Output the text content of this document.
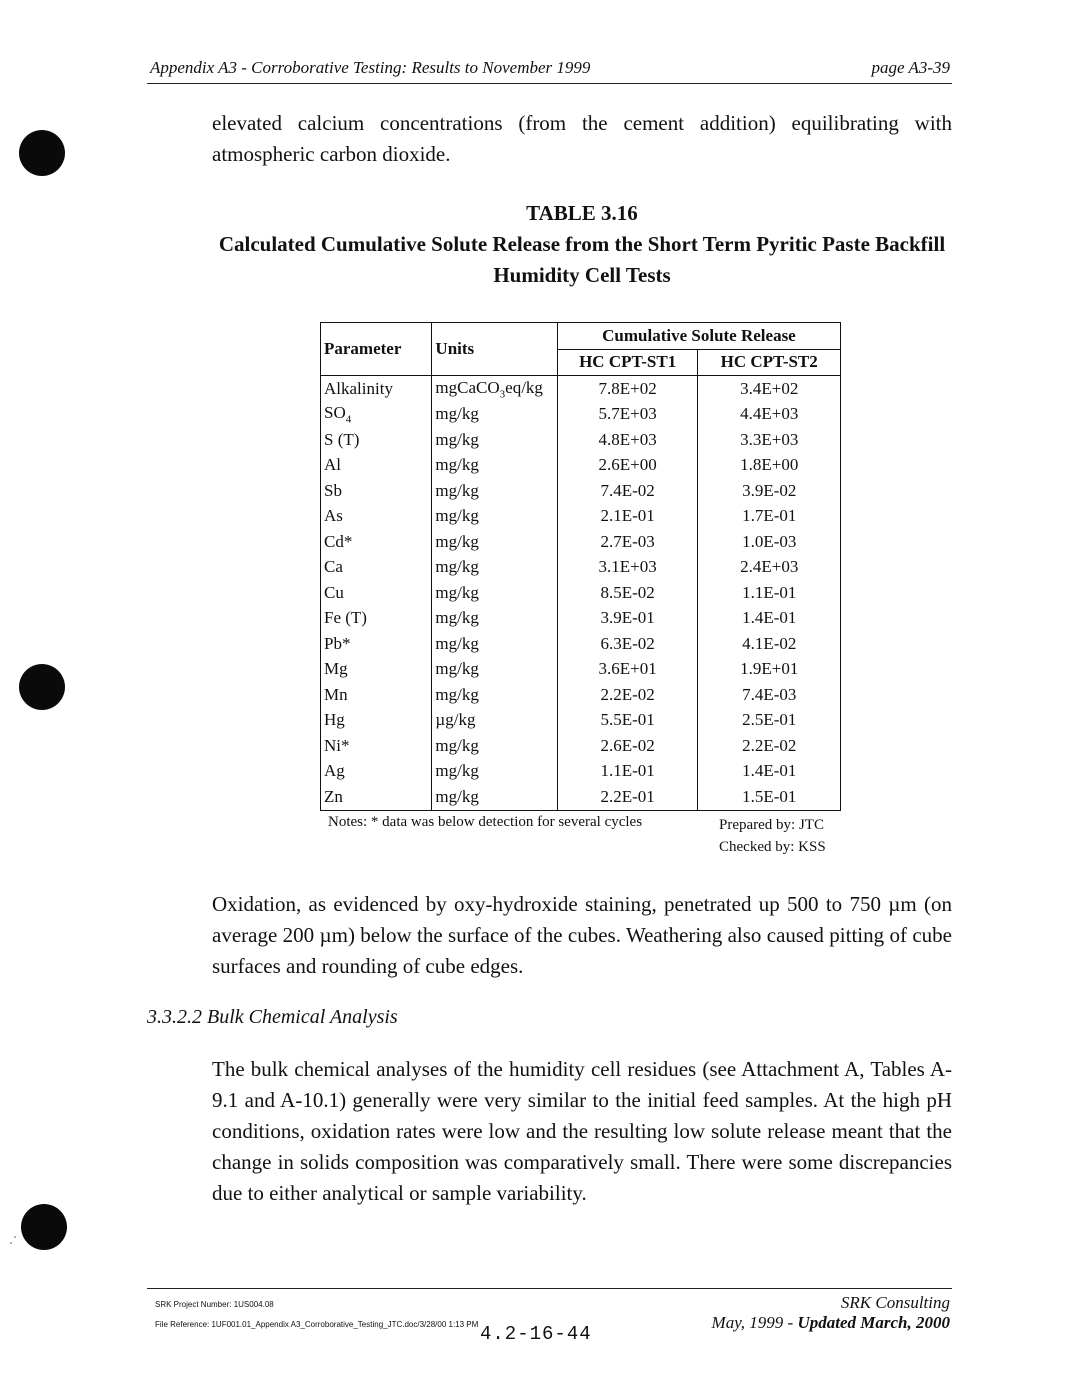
Appendix A3 - Corroborative Testing: Results to November 1999	page A3-39
elevated calcium concentrations (from the cement addition) equilibrating with atmospheric carbon dioxide.
TABLE 3.16
Calculated Cumulative Solute Release from the Short Term Pyritic Paste Backfill
Humidity Cell Tests
Parameter	Units	Cumulative Solute Release	
		HC CPT-ST1	HC CPT-ST2
Alkalinity	mgCaCO$_3$eq/kg	7.8E+02	3.4E+02
$SO_4$	mg/kg	5.7E+03	4.4E+03
S (T)	mg/kg	4.8E+03	3.3E+03
Al	mg/kg	2.6E+00	1.8E+00
Sb	mg/kg	7.4E-02	3.9E-02
As	mg/kg	2.1E-01	1.7E-01
Cd*	mg/kg	2.7E-03	1.0E-03
Ca	mg/kg	3.1E+03	2.4E+03
Cu	mg/kg	8.5E-02	1.1E-01
Fe (T)	mg/kg	3.9E-01	1.4E-01
Pb*	mg/kg	6.3E-02	4.1E-02
Mg	mg/kg	3.6E+01	1.9E+01
Mn	mg/kg	2.2E-02	7.4E-03
Hg	µg/kg	5.5E-01	2.5E-01
Ni*	mg/kg	2.6E-02	2.2E-02
Ag	mg/kg	1.1E-01	1.4E-01
Zn	mg/kg	2.2E-01	1.5E-01
Notes: * data was below detection for several cycles	Prepared by: JTC
Checked by: KSS
Oxidation, as evidenced by oxy-hydroxide staining, penetrated up 500 to 750 µm (on average 200 µm) below the surface of the cubes. Weathering also caused pitting of cube surfaces and rounding of cube edges.
3.3.2.2 Bulk Chemical Analysis
The bulk chemical analyses of the humidity cell residues (see Attachment A, Tables A-9.1 and A-10.1) generally were very similar to the initial feed samples. At the high pH conditions, oxidation rates were low and the resulting low solute release meant that the change in solids composition was comparatively small. There were some discrepancies due to either analytical or sample variability.
SRK Project Number: 1US004.08
File Reference: 1UF001.01_Appendix A3_Corroborative_Testing_JTC.doc/3/28/00 1:13 PM
SRK Consulting
May, 1999 - Updated March, 2000
4.2-16-44
